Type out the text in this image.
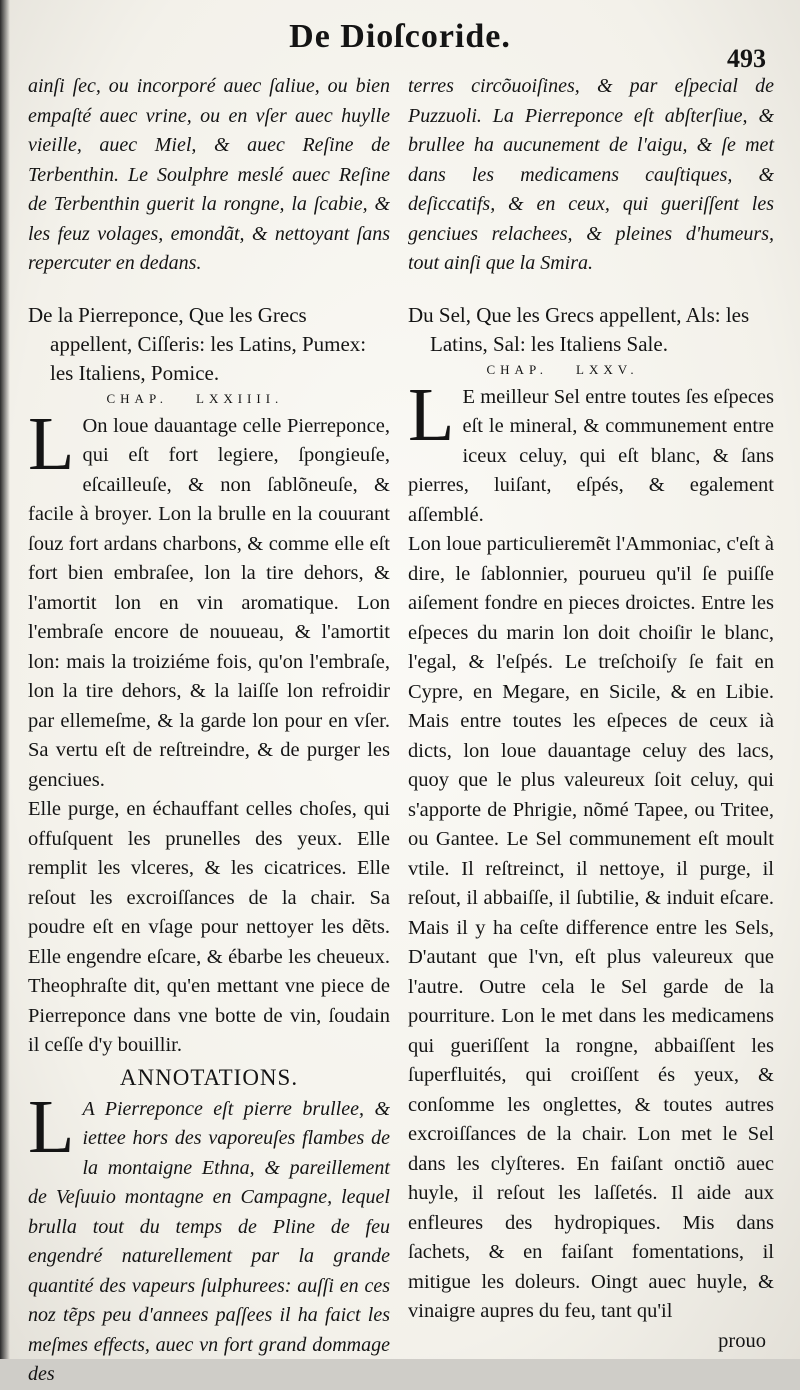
De Dioſcoride.
493

ainſi ſec, ou incorporé auec ſaliue, ou bien empaſté auec vrine, ou en vſer auec huylle vieille, auec Miel, & auec Reſine de Terbenthin. Le Soulphre meslé auec Reſine de Terbenthin guerit la rongne, la ſcabie, & les feuz volages, emondãt, & nettoyant ſans repercuter en dedans.

De la Pierreponce, Que les Grecs appellent, Ciſſeris: les Latins, Pumex: les Italiens, Pomice.

CHAP. LXXIIII.
L On loue dauantage celle Pierreponce, qui eſt fort legiere, ſpongieuſe, eſcailleuſe, & non ſablõneuſe, & facile à broyer. Lon la brulle en la couurant ſouz fort ardans charbons, & comme elle eſt fort bien embraſee, lon la tire dehors, & l'amortit lon en vin aromatique. Lon l'embraſe encore de nouueau, & l'amortit lon: mais la troiziéme fois, qu'on l'embraſe, lon la tire dehors, & la laiſſe lon refroidir par ellemeſme, & la garde lon pour en vſer. Sa vertu eſt de reſtreindre, & de purger les genciues.

Elle purge, en échauffant celles choſes, qui offuſquent les prunelles des yeux. Elle remplit les vlceres, & les cicatrices. Elle reſout les excroiſſances de la chair. Sa poudre eſt en vſage pour nettoyer les dẽts. Elle engendre eſcare, & ébarbe les cheueux. Theophraſte dit, qu'en mettant vne piece de Pierreponce dans vne botte de vin, ſoudain il ceſſe d'y bouillir.

ANNOTATIONS.
L A Pierreponce eſt pierre brullee, & iettee hors des vaporeuſes flambes de la montaigne Ethna, & pareillement de Veſuuio montagne en Campagne, lequel brulla tout du temps de Pline de feu engendré naturellement par la grande quantité des vapeurs ſulphurees: auſſi en ces noz tẽps peu d'annees paſſees il ha faict les meſmes effects, auec vn fort grand dommage des

terres circõuoiſines, & par eſpecial de Puzzuoli. La Pierreponce eſt abſterſiue, & brullee ha aucunement de l'aigu, & ſe met dans les medicamens cauſtiques, & deſiccatifs, & en ceux, qui gueriſſent les genciues relachees, & pleines d'humeurs, tout ainſi que la Smira.

Du Sel, Que les Grecs appellent, Als: les Latins, Sal: les Italiens Sale.

CHAP. LXXV.
L E meilleur Sel entre toutes ſes eſpeces eſt le mineral, & communement entre iceux celuy, qui eſt blanc, & ſans pierres, luiſant, eſpés, & egalement aſſemblé.

Lon loue particulieremẽt l'Ammoniac, c'eſt à dire, le ſablonnier, pourueu qu'il ſe puiſſe aiſement fondre en pieces droictes. Entre les eſpeces du marin lon doit choiſir le blanc, l'egal, & l'eſpés. Le treſchoiſy ſe fait en Cypre, en Megare, en Sicile, & en Libie. Mais entre toutes les eſpeces de ceux ià dicts, lon loue dauantage celuy des lacs, quoy que le plus valeureux ſoit celuy, qui s'apporte de Phrigie, nõmé Tapee, ou Tritee, ou Gantee. Le Sel communement eſt moult vtile. Il reſtreinct, il nettoye, il purge, il reſout, il abbaiſſe, il ſubtilie, & induit eſcare. Mais il y ha ceſte difference entre les Sels, D'autant que l'vn, eſt plus valeureux que l'autre. Outre cela le Sel garde de la pourriture. Lon le met dans les medicamens qui gueriſſent la rongne, abbaiſſent les ſuperfluités, qui croiſſent és yeux, & conſomme les onglettes, & toutes autres excroiſſances de la chair. Lon met le Sel dans les clyſteres. En faiſant onctiõ auec huyle, il reſout les laſſetés. Il aide aux enfleures des hydropiques. Mis dans ſachets, & en faiſant fomentations, il mitigue les doleurs. Oingt auec huyle, & vinaigre aupres du feu, tant qu'il

prouo
